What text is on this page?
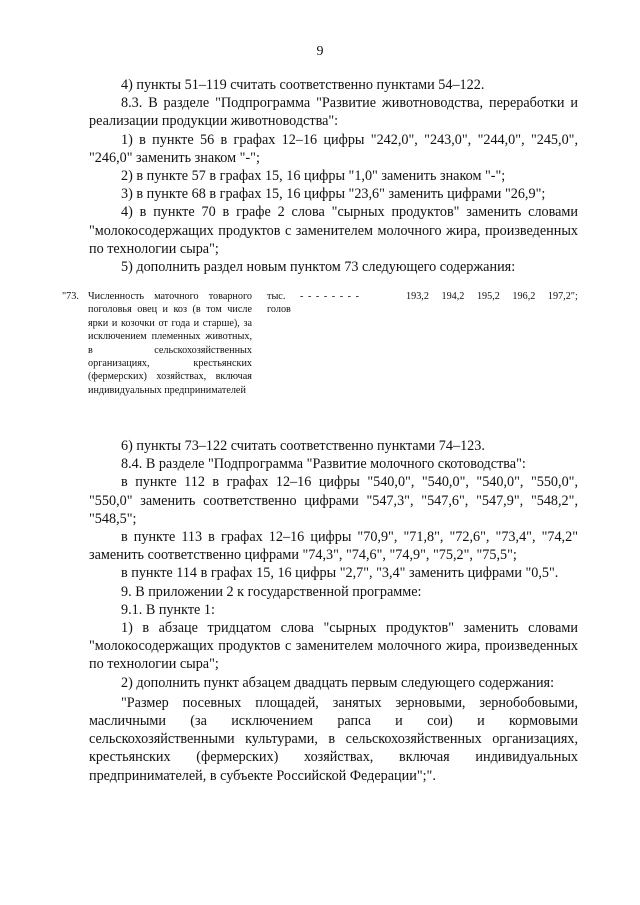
9

4) пункты 51–119 считать соответственно пунктами 54–122.

8.3. В разделе "Подпрограмма "Развитие животноводства, переработки и реализации продукции животноводства":

1) в пункте 56 в графах 12–16 цифры "242,0", "243,0", "244,0", "245,0", "246,0" заменить знаком "-";

2) в пункте 57 в графах 15, 16 цифры "1,0" заменить знаком "-";

3) в пункте 68 в графах 15, 16 цифры "23,6" заменить цифрами "26,9";

4) в пункте 70 в графе 2 слова "сырных продуктов" заменить словами "молокосодержащих продуктов с заменителем молочного жира, произведенных по технологии сыра";

5) дополнить раздел новым пунктом 73 следующего содержания:

"73. Численность маточного товарного поголовья овец и коз (в том числе ярки и козочки от года и старше), за исключением племенных животных, в сельскохозяйственных организациях, крестьянских (фермерских) хозяйствах, включая индивидуальных предпринимателей
тыс. голов
- - - - - - - -	193,2 194,2 195,2 196,2 197,2";

6) пункты 73–122 считать соответственно пунктами 74–123.

8.4. В разделе "Подпрограмма "Развитие молочного скотоводства":

в пункте 112 в графах 12–16 цифры "540,0", "540,0", "540,0", "550,0", "550,0" заменить соответственно цифрами "547,3", "547,6", "547,9", "548,2", "548,5";

в пункте 113 в графах 12–16 цифры "70,9", "71,8", "72,6", "73,4", "74,2" заменить соответственно цифрами "74,3", "74,6", "74,9", "75,2", "75,5";

в пункте 114 в графах 15, 16 цифры "2,7", "3,4" заменить цифрами "0,5".

9. В приложении 2 к государственной программе:

9.1. В пункте 1:

1) в абзаце тридцатом слова "сырных продуктов" заменить словами "молокосодержащих продуктов с заменителем молочного жира, произведенных по технологии сыра";

2) дополнить пункт абзацем двадцать первым следующего содержания:

"Размер посевных площадей, занятых зерновыми, зернобобовыми, масличными (за исключением рапса и сои) и кормовыми сельскохозяйственными культурами, в сельскохозяйственных организациях, крестьянских (фермерских) хозяйствах, включая индивидуальных предпринимателей, в субъекте Российской Федерации";".
